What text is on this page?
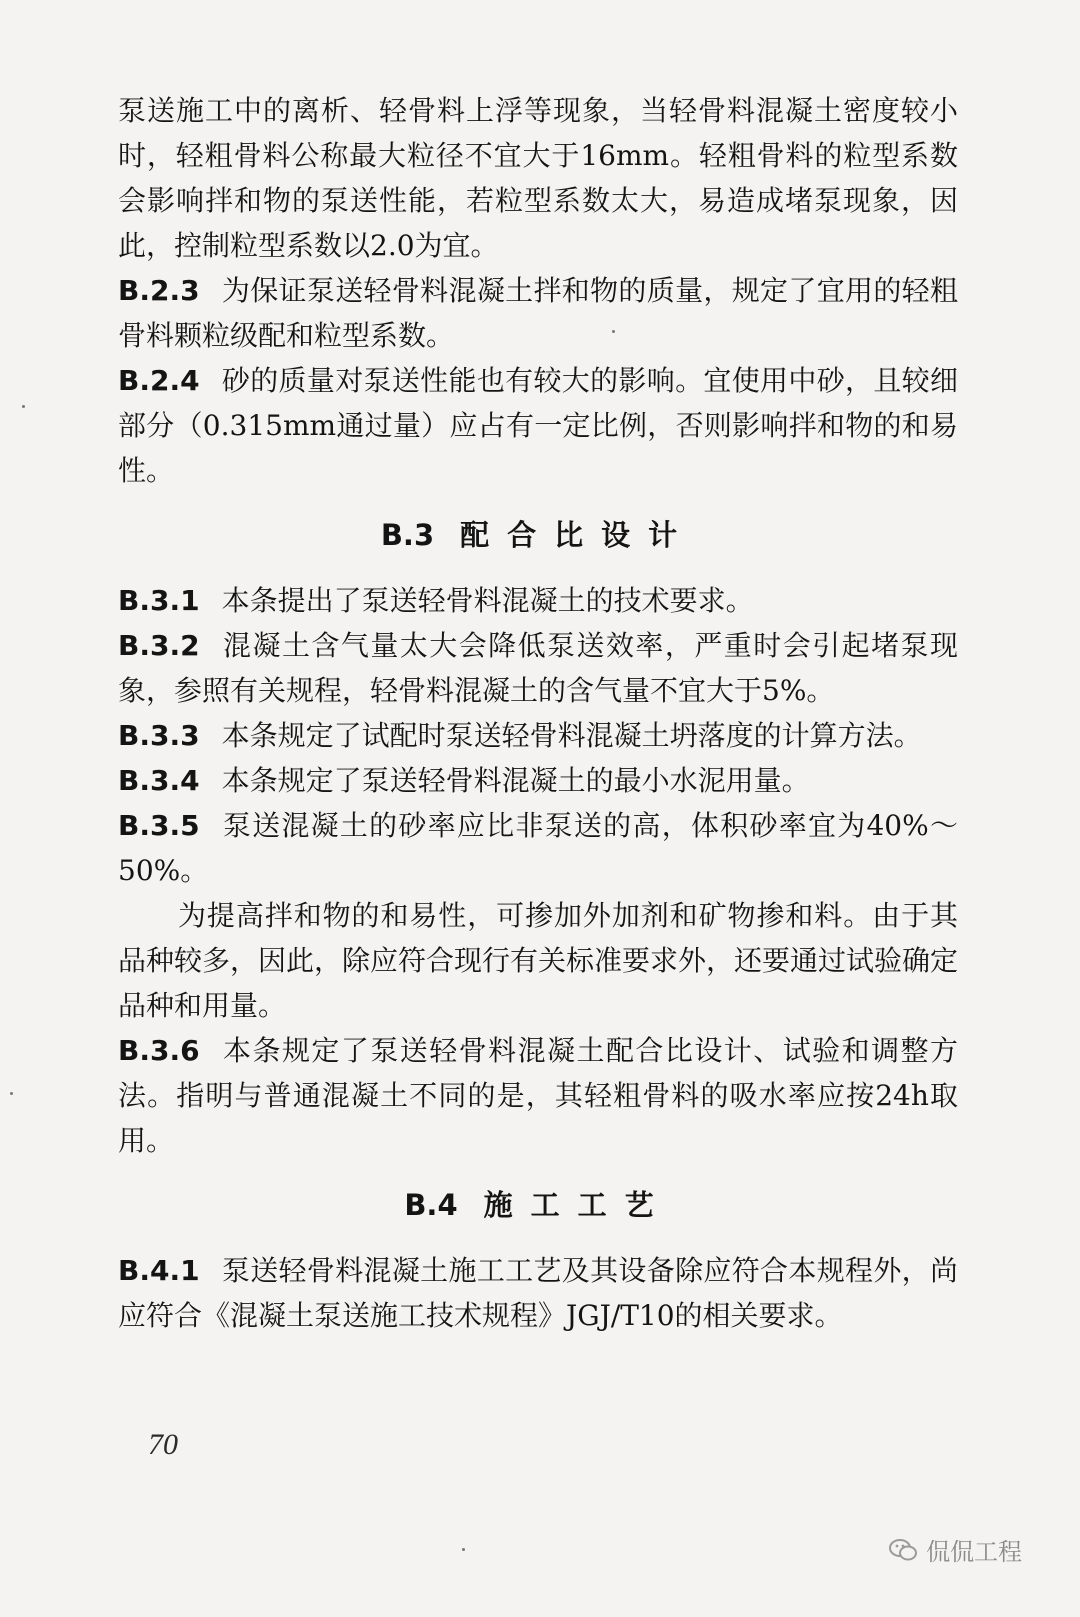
泵送施工中的离析、轻骨料上浮等现象，当轻骨料混凝土密度较小时，轻粗骨料公称最大粒径不宜大于16mm。轻粗骨料的粒型系数会影响拌和物的泵送性能，若粒型系数太大，易造成堵泵现象，因此，控制粒型系数以2.0为宜。

B.2.3 为保证泵送轻骨料混凝土拌和物的质量，规定了宜用的轻粗骨料颗粒级配和粒型系数。

B.2.4 砂的质量对泵送性能也有较大的影响。宜使用中砂，且较细部分（0.315mm通过量）应占有一定比例，否则影响拌和物的和易性。

B.3 配合比设计

B.3.1 本条提出了泵送轻骨料混凝土的技术要求。

B.3.2 混凝土含气量太大会降低泵送效率，严重时会引起堵泵现象，参照有关规程，轻骨料混凝土的含气量不宜大于5%。

B.3.3 本条规定了试配时泵送轻骨料混凝土坍落度的计算方法。

B.3.4 本条规定了泵送轻骨料混凝土的最小水泥用量。

B.3.5 泵送混凝土的砂率应比非泵送的高，体积砂率宜为40%～50%。

为提高拌和物的和易性，可掺加外加剂和矿物掺和料。由于其品种较多，因此，除应符合现行有关标准要求外，还要通过试验确定品种和用量。

B.3.6 本条规定了泵送轻骨料混凝土配合比设计、试验和调整方法。指明与普通混凝土不同的是，其轻粗骨料的吸水率应按24h取用。

B.4 施工工艺

B.4.1 泵送轻骨料混凝土施工工艺及其设备除应符合本规程外，尚应符合《混凝土泵送施工技术规程》JGJ/T10的相关要求。

70
侃侃工程
